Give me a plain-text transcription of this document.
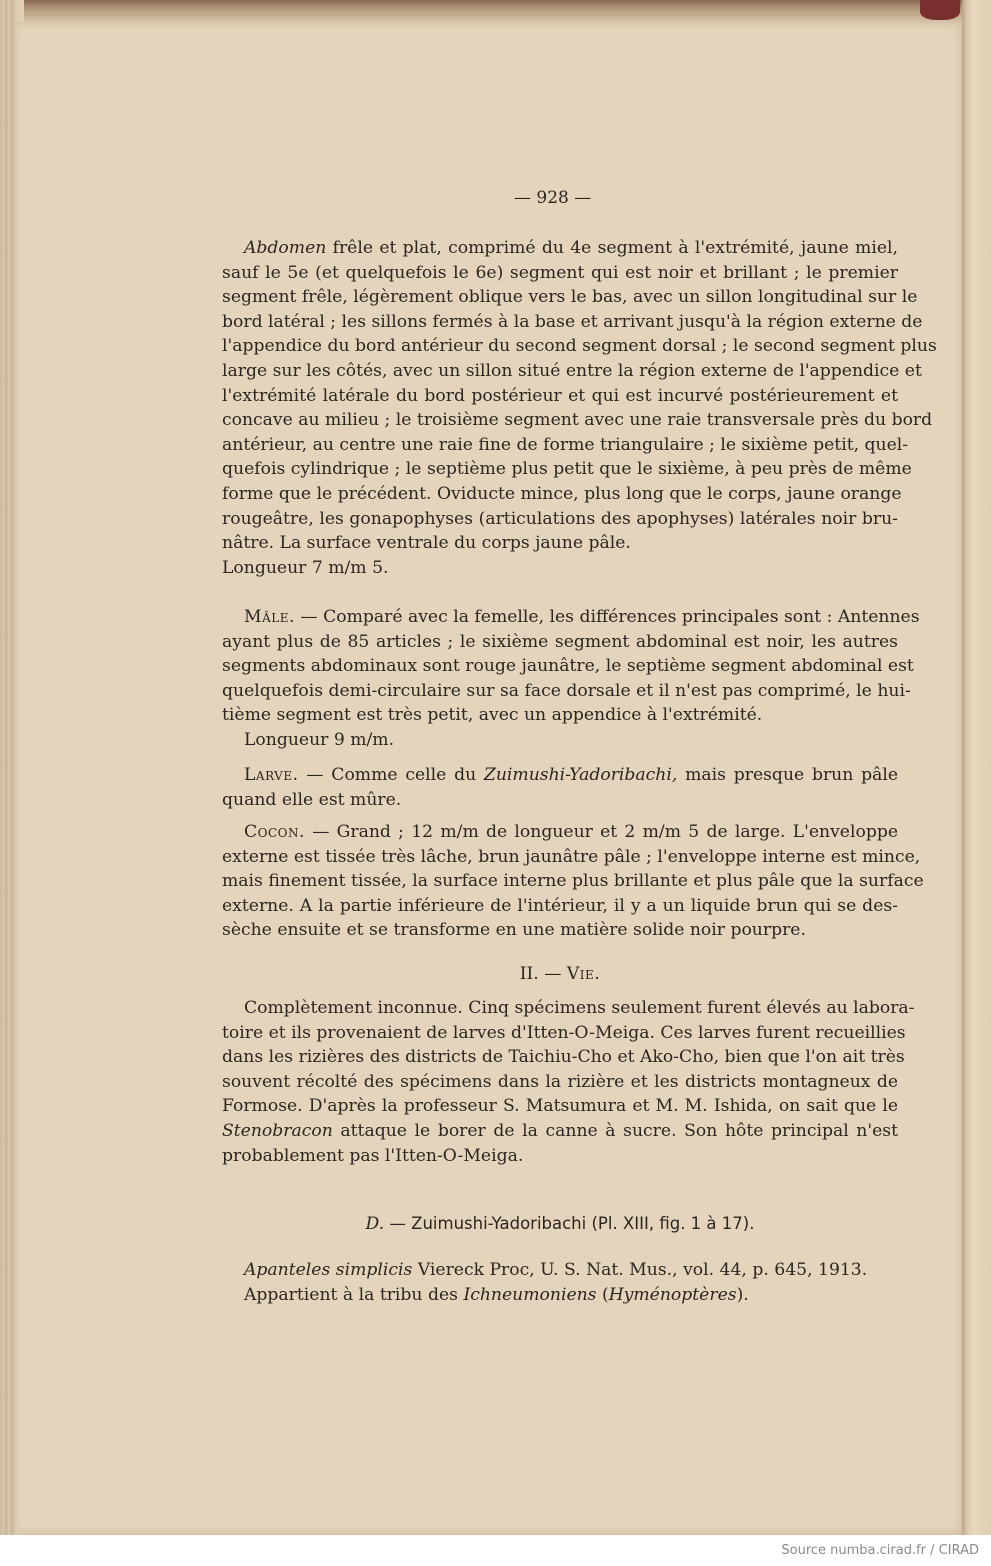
— 928 —
Abdomen frêle et plat, comprimé du 4e segment à l'extrémité, jaune miel,
sauf le 5e (et quelquefois le 6e) segment qui est noir et brillant ; le premier
segment frêle, légèrement oblique vers le bas, avec un sillon longitudinal sur le
bord latéral ; les sillons fermés à la base et arrivant jusqu'à la région externe de
l'appendice du bord antérieur du second segment dorsal ; le second segment plus
large sur les côtés, avec un sillon situé entre la région externe de l'appendice et
l'extrémité latérale du bord postérieur et qui est incurvé postérieurement et
concave au milieu ; le troisième segment avec une raie transversale près du bord
antérieur, au centre une raie fine de forme triangulaire ; le sixième petit, quel-
quefois cylindrique ; le septième plus petit que le sixième, à peu près de même
forme que le précédent. Oviducte mince, plus long que le corps, jaune orange
rougeâtre, les gonapophyses (articulations des apophyses) latérales noir bru-
nâtre. La surface ventrale du corps jaune pâle.
Longueur 7 m/m 5.
Mâle. — Comparé avec la femelle, les différences principales sont : Antennes
ayant plus de 85 articles ; le sixième segment abdominal est noir, les autres
segments abdominaux sont rouge jaunâtre, le septième segment abdominal est
quelquefois demi-circulaire sur sa face dorsale et il n'est pas comprimé, le hui-
tième segment est très petit, avec un appendice à l'extrémité.
Longueur 9 m/m.
Larve. — Comme celle du Zuimushi-Yadoribachi, mais presque brun pâle
quand elle est mûre.
Cocon. — Grand ; 12 m/m de longueur et 2 m/m 5 de large. L'enveloppe
externe est tissée très lâche, brun jaunâtre pâle ; l'enveloppe interne est mince,
mais finement tissée, la surface interne plus brillante et plus pâle que la surface
externe. A la partie inférieure de l'intérieur, il y a un liquide brun qui se des-
sèche ensuite et se transforme en une matière solide noir pourpre.
II. — Vie.
Complètement inconnue. Cinq spécimens seulement furent élevés au labora-
toire et ils provenaient de larves d'Itten-O-Meiga. Ces larves furent recueillies
dans les rizières des districts de Taichiu-Cho et Ako-Cho, bien que l'on ait très
souvent récolté des spécimens dans la rizière et les districts montagneux de
Formose. D'après la professeur S. Matsumura et M. M. Ishida, on sait que le
Stenobracon attaque le borer de la canne à sucre. Son hôte principal n'est
probablement pas l'Itten-O-Meiga.
D. — Zuimushi-Yadoribachi (Pl. XIII, fig. 1 à 17).
Apanteles simplicis Viereck Proc, U. S. Nat. Mus., vol. 44, p. 645, 1913.
Appartient à la tribu des Ichneumoniens (Hyménoptères).
Source numba.cirad.fr / CIRAD
